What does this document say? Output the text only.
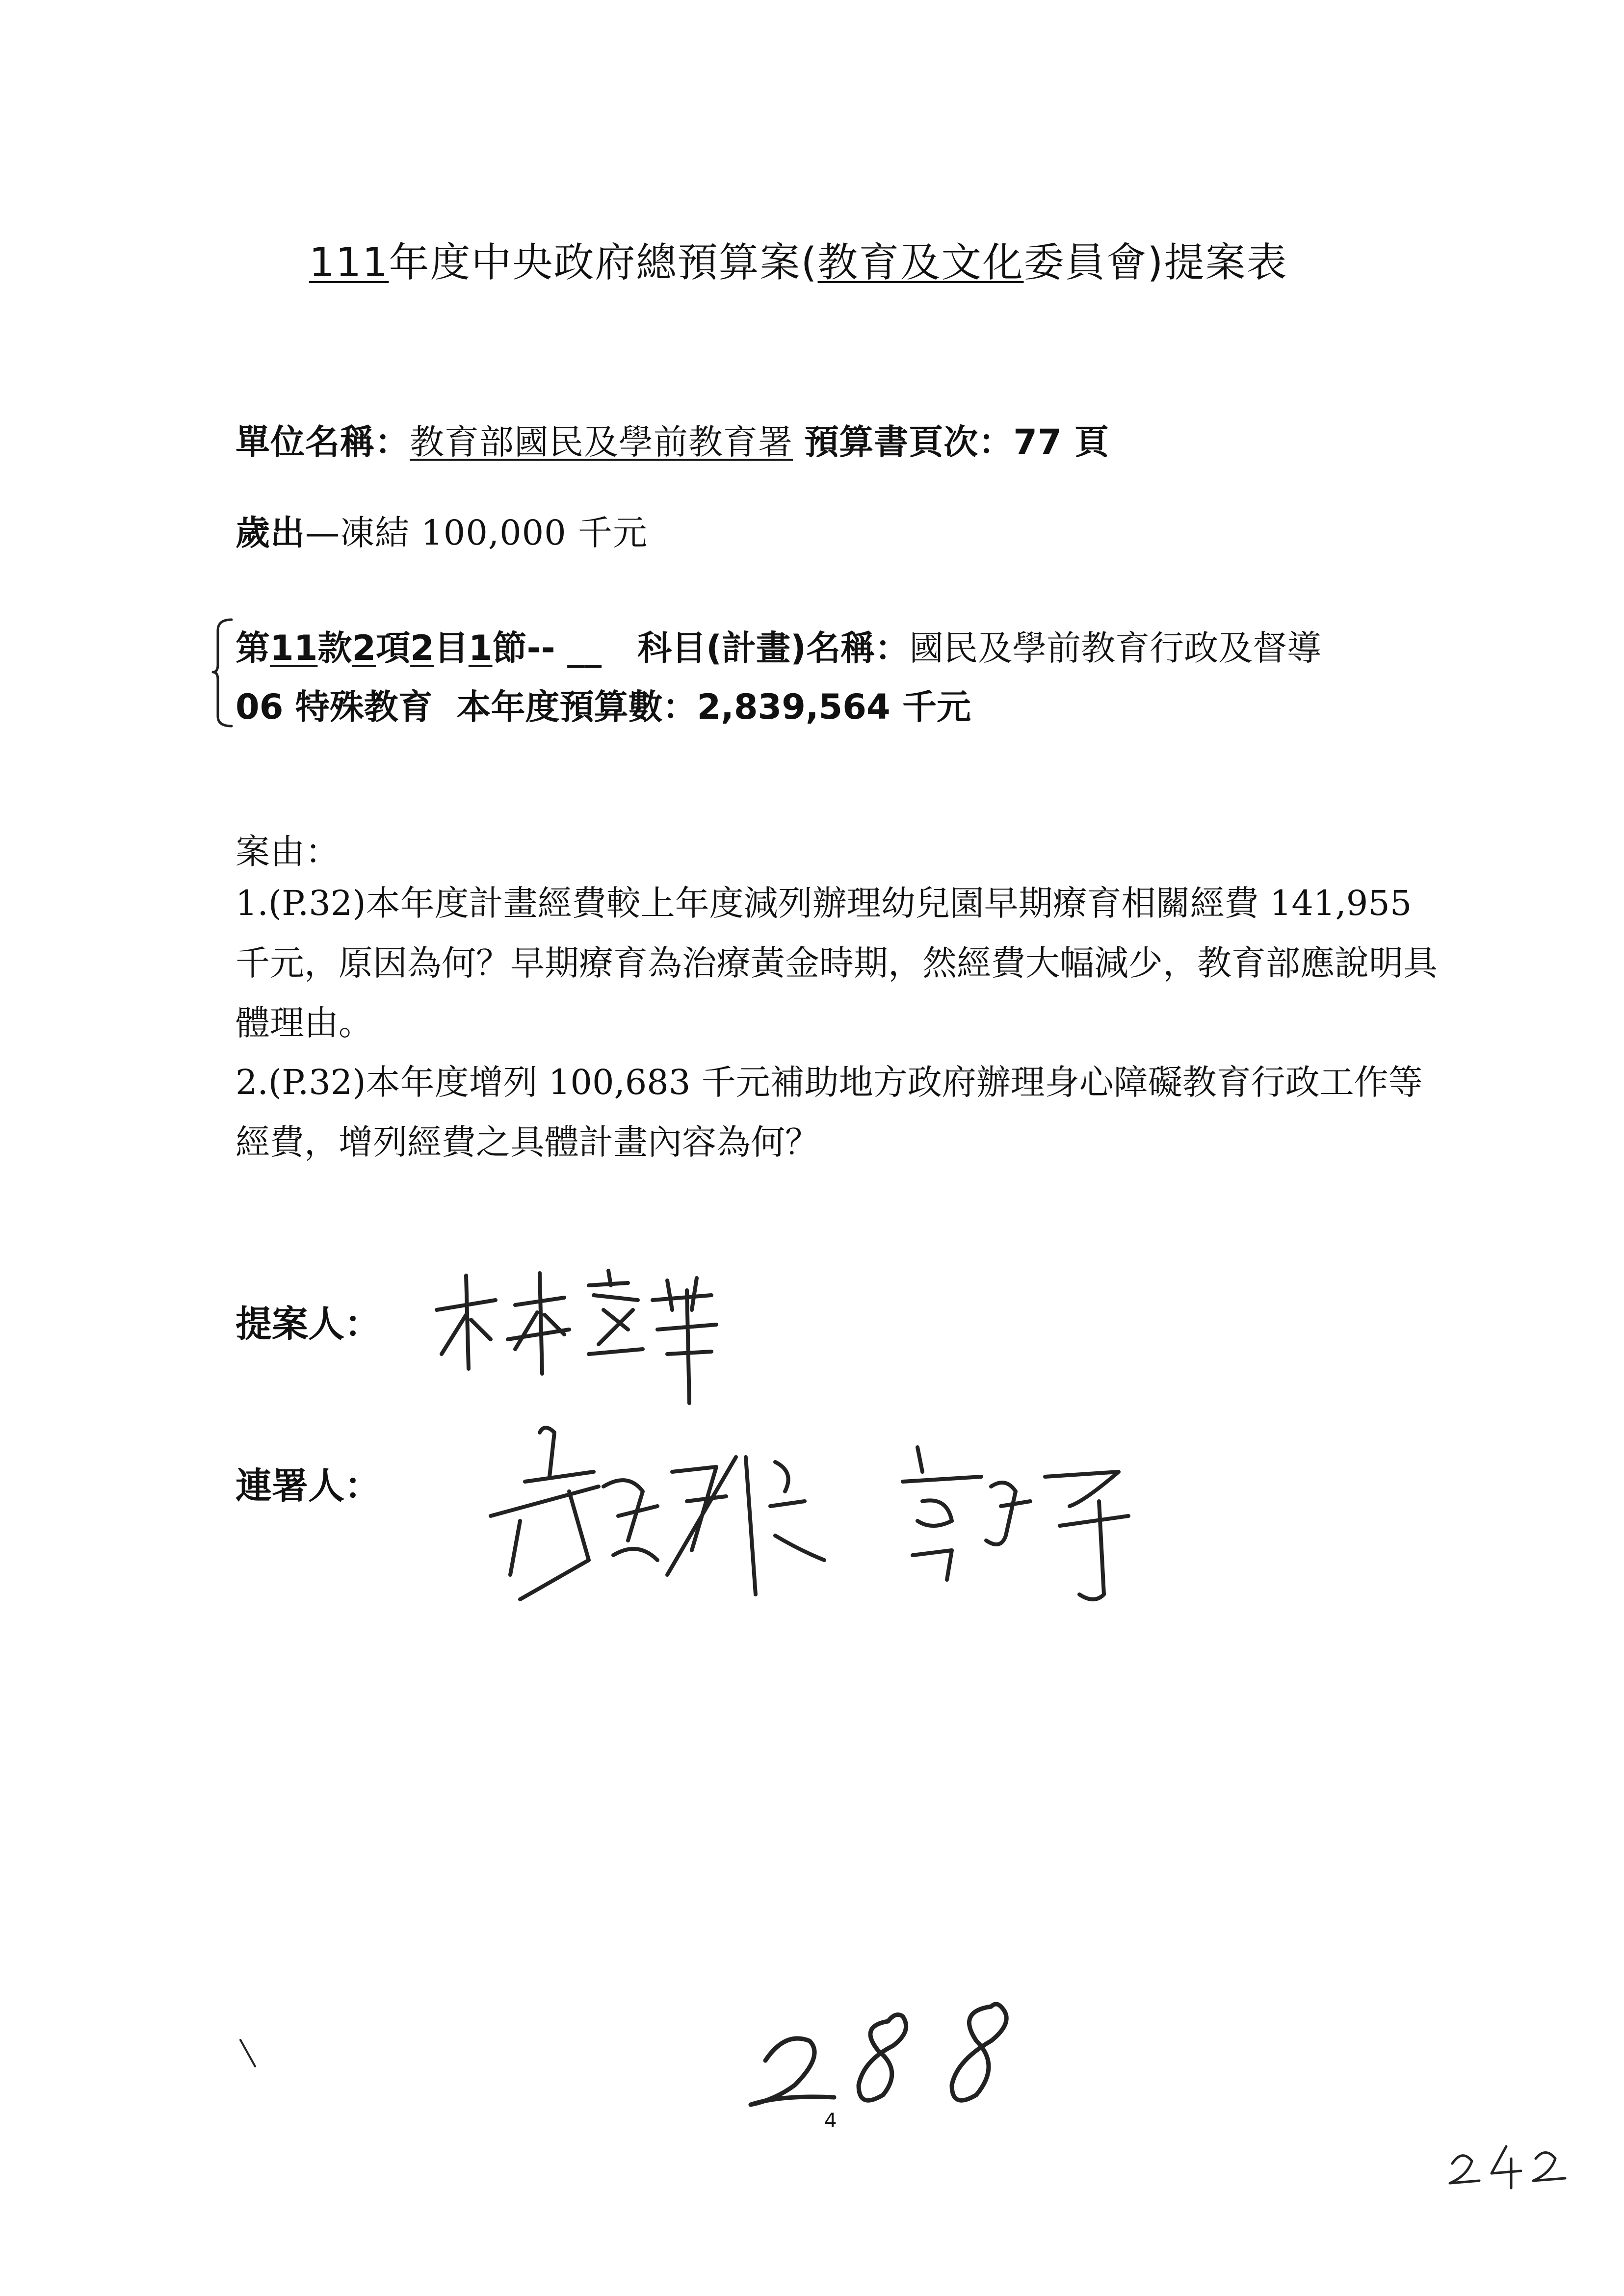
111年度中央政府總預算案(教育及文化委員會)提案表
單位名稱：教育部國民及學前教育署 預算書頁次：77 頁
歲出—凍結 100,000 千元
第11款2項2目1節-- __ 科目(計畫)名稱：國民及學前教育行政及督導
06 特殊教育 本年度預算數：2,839,564 千元
案由：
1.(P.32)本年度計畫經費較上年度減列辦理幼兒園早期療育相關經費 141,955 千元，原因為何？早期療育為治療黃金時期，然經費大幅減少，教育部應說明具體理由。
2.(P.32)本年度增列 100,683 千元補助地方政府辦理身心障礙教育行政工作等經費，增列經費之具體計畫內容為何？
提案人：
連署人：
4
